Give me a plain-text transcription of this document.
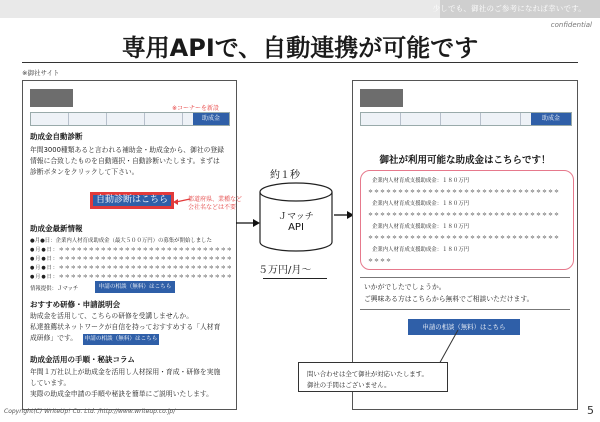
少しでも、御社のご参考になれば幸いです。
confidential
専用APIで、自動連携が可能です
※御社サイト
※コーナーを新設
助成金
助成金自動診断
年間3000種類あると言われる補助金・助成金から、御社の登録
情報に合致したものを自動選択・自動診断いたします。まずは
診断ボタンをクリックして下さい。
自動診断はこちら	都道府県、業種など
会社名などは不要
助成金最新情報
●月●日：企業内人材育成助成金（最大５００万円）の募集が開始しました
●月●日：＊＊＊＊＊＊＊＊＊＊＊＊＊＊＊＊＊＊＊＊＊＊＊＊＊＊＊＊＊
●月●日：＊＊＊＊＊＊＊＊＊＊＊＊＊＊＊＊＊＊＊＊＊＊＊＊＊＊＊＊＊
●月●日：＊＊＊＊＊＊＊＊＊＊＊＊＊＊＊＊＊＊＊＊＊＊＊＊＊＊＊＊＊
●月●日：＊＊＊＊＊＊＊＊＊＊＊＊＊＊＊＊＊＊＊＊＊＊＊＊＊＊＊＊＊
情報提供：Ｊマッチ	申請の相談（無料）はこちら
おすすめ研修・申請説明会
助成金を活用して、こちらの研修を受講しませんか。
私達推薦状ネットワークが自信を持っておすすめする「人材育
成研修」です。 申請の相談（無料）はこちら
助成金活用の手順・秘訣コラム
年間１万社以上が助成金を活用し人材採用・育成・研修を実施
しています。
実際の助成金申請の手順や秘訣を簡単にご説明いたします。
約１秒
Ｊマッチ
API
５万円/月～
助成金
御社が利用可能な助成金はこちらです！
企業内人材育成支援助成金：１８０万円
＊＊＊＊＊＊＊＊＊＊＊＊＊＊＊＊＊＊＊＊＊＊＊＊＊＊＊＊＊＊＊＊
企業内人材育成支援助成金：１８０万円
＊＊＊＊＊＊＊＊＊＊＊＊＊＊＊＊＊＊＊＊＊＊＊＊＊＊＊＊＊＊＊＊
企業内人材育成支援助成金：１８０万円
＊＊＊＊＊＊＊＊＊＊＊＊＊＊＊＊＊＊＊＊＊＊＊＊＊＊＊＊＊＊＊＊
企業内人材育成支援助成金：１８０万円
＊＊＊＊
いかがでしたでしょうか。
ご興味ある方はこちらから無料でご相談いただけます。
申請の相談（無料）はこちら
問い合わせは全て御社が対応いたします。
御社の手間はございません。
Copyright(C) WriteUp! Co. Ltd. /http://www.writeup.co.jp/	5
